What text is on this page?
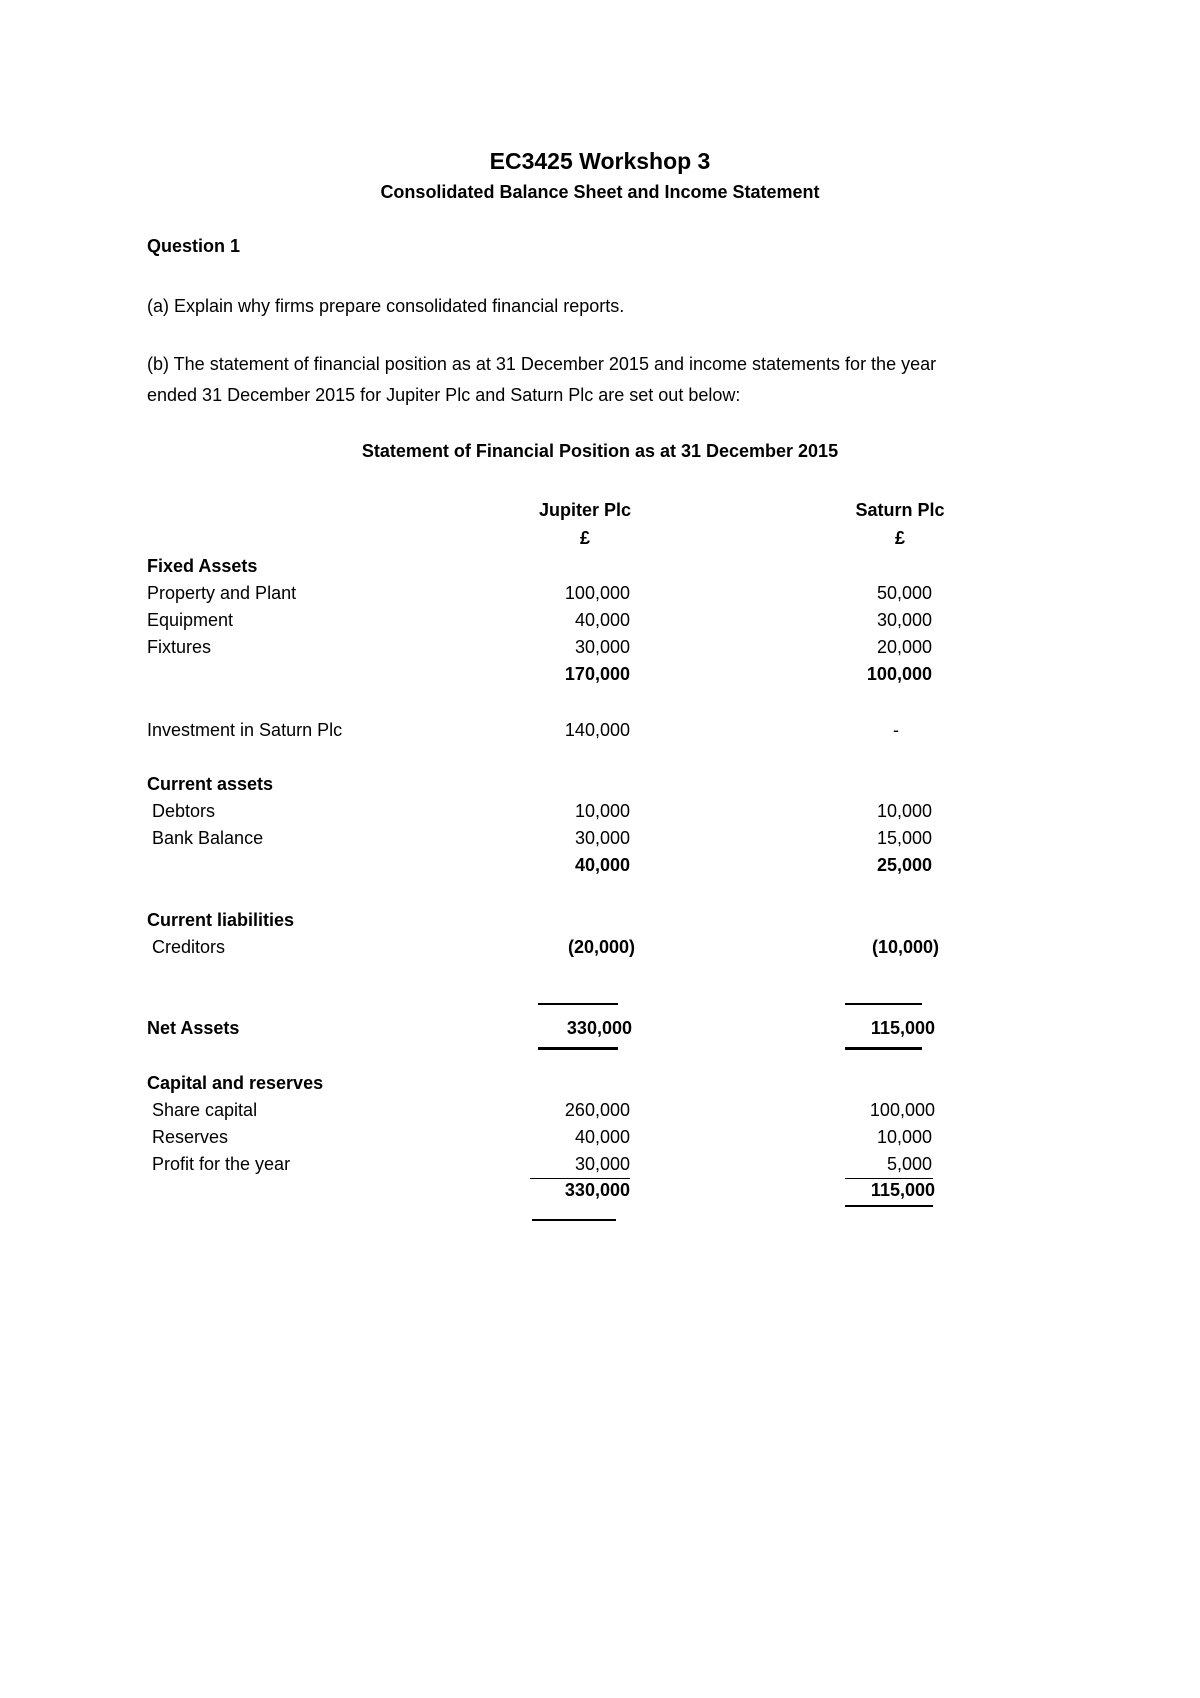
EC3425 Workshop 3
Consolidated Balance Sheet and Income Statement
Question 1
(a) Explain why firms prepare consolidated financial reports.
(b) The statement of financial position as at 31 December 2015 and income statements for the year
ended 31 December 2015 for Jupiter Plc and Saturn Plc are set out below:
Statement of Financial Position as at 31 December 2015
Jupiter Plc
£
Saturn Plc
£
Fixed Assets
Property and Plant	100,000	50,000
Equipment	40,000	30,000
Fixtures	30,000	20,000
170,000	100,000
Investment in Saturn Plc	140,000	-
Current assets
Debtors	10,000	10,000
Bank Balance	30,000	15,000
40,000	25,000
Current liabilities
Creditors	(20,000)	(10,000)
Net Assets	330,000	115,000
Capital and reserves
Share capital	260,000	100,000
Reserves	40,000	10,000
Profit for the year	30,000	5,000
330,000	115,000
